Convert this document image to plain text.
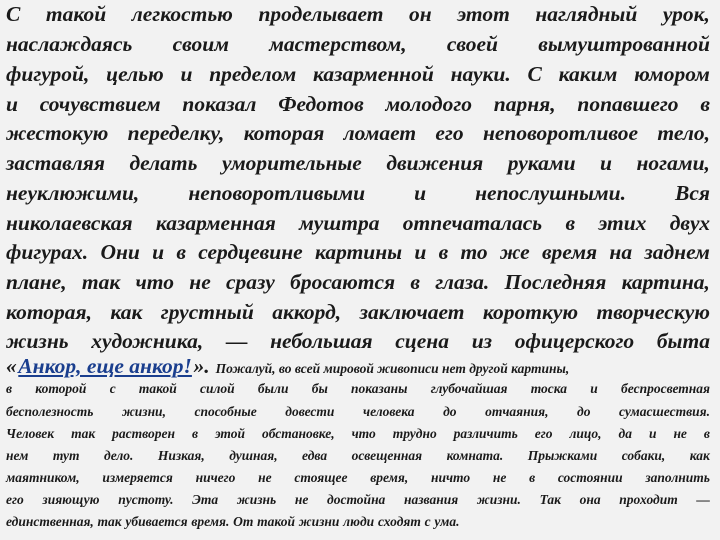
С такой легкостью проделывает он этот наглядный урок,
наслаждаясь своим мастерством, своей вымуштрованной
фигурой, целью и пределом казарменной науки. С каким юмором
и сочувствием показал Федотов молодого парня, попавшего в
жестокую переделку, которая ломает его неповоротливое тело,
заставляя делать уморительные движения руками и ногами,
неуклюжими, неповоротливыми и непослушными. Вся
николаевская казарменная муштра отпечаталась в этих двух
фигурах. Они и в сердцевине картины и в то же время на заднем
плане, так что не сразу бросаются в глаза. Последняя картина,
которая, как грустный аккорд, заключает короткую творческую
жизнь художника, — небольшая сцена из офицерского быта
« Анкор, еще анкор! ». Пожалуй, во всей мировой живописи нет другой картины,
в которой с такой силой были бы показаны глубочайшая тоска и беспросветная
бесполезность жизни, способные довести человека до отчаяния, до сумасшествия.
Человек так растворен в этой обстановке, что трудно различить его лицо, да и не в
нем тут дело. Низкая, душная, едва освещенная комната. Прыжками собаки, как
маятником, измеряется ничего не стоящее время, ничто не в состоянии заполнить
его зияющую пустоту. Эта жизнь не достойна названия жизни. Так она проходит —
единственная, так убивается время. От такой жизни люди сходят с ума.
